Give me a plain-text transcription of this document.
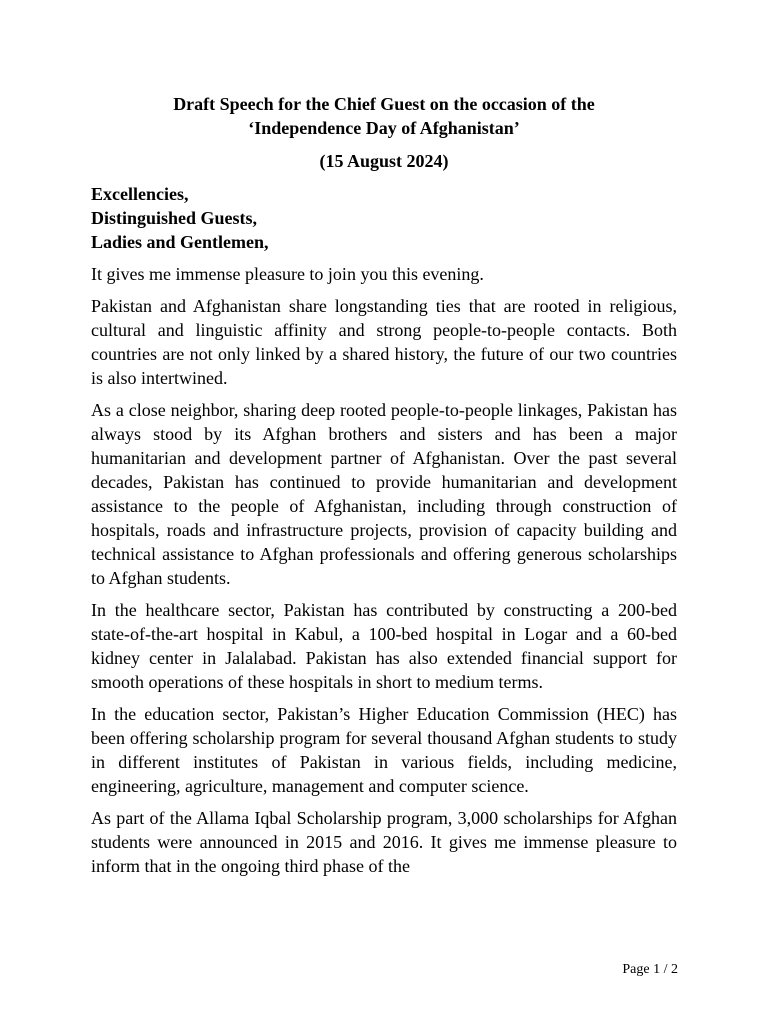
Draft Speech for the Chief Guest on the occasion of the
‘Independence Day of Afghanistan’
(15 August 2024)
Excellencies,
Distinguished Guests,
Ladies and Gentlemen,

It gives me immense pleasure to join you this evening.

Pakistan and Afghanistan share longstanding ties that are rooted in religious, cultural and linguistic affinity and strong people-to-people contacts. Both countries are not only linked by a shared history, the future of our two countries is also intertwined.

As a close neighbor, sharing deep rooted people-to-people linkages, Pakistan has always stood by its Afghan brothers and sisters and has been a major humanitarian and development partner of Afghanistan. Over the past several decades, Pakistan has continued to provide humanitarian and development assistance to the people of Afghanistan, including through construction of hospitals, roads and infrastructure projects, provision of capacity building and technical assistance to Afghan professionals and offering generous scholarships to Afghan students.

In the healthcare sector, Pakistan has contributed by constructing a 200-bed state-of-the-art hospital in Kabul, a 100-bed hospital in Logar and a 60-bed kidney center in Jalalabad. Pakistan has also extended financial support for smooth operations of these hospitals in short to medium terms.

In the education sector, Pakistan’s Higher Education Commission (HEC) has been offering scholarship program for several thousand Afghan students to study in different institutes of Pakistan in various fields, including medicine, engineering, agriculture, management and computer science.

As part of the Allama Iqbal Scholarship program, 3,000 scholarships for Afghan students were announced in 2015 and 2016. It gives me immense pleasure to inform that in the ongoing third phase of the

Page 1 / 2
